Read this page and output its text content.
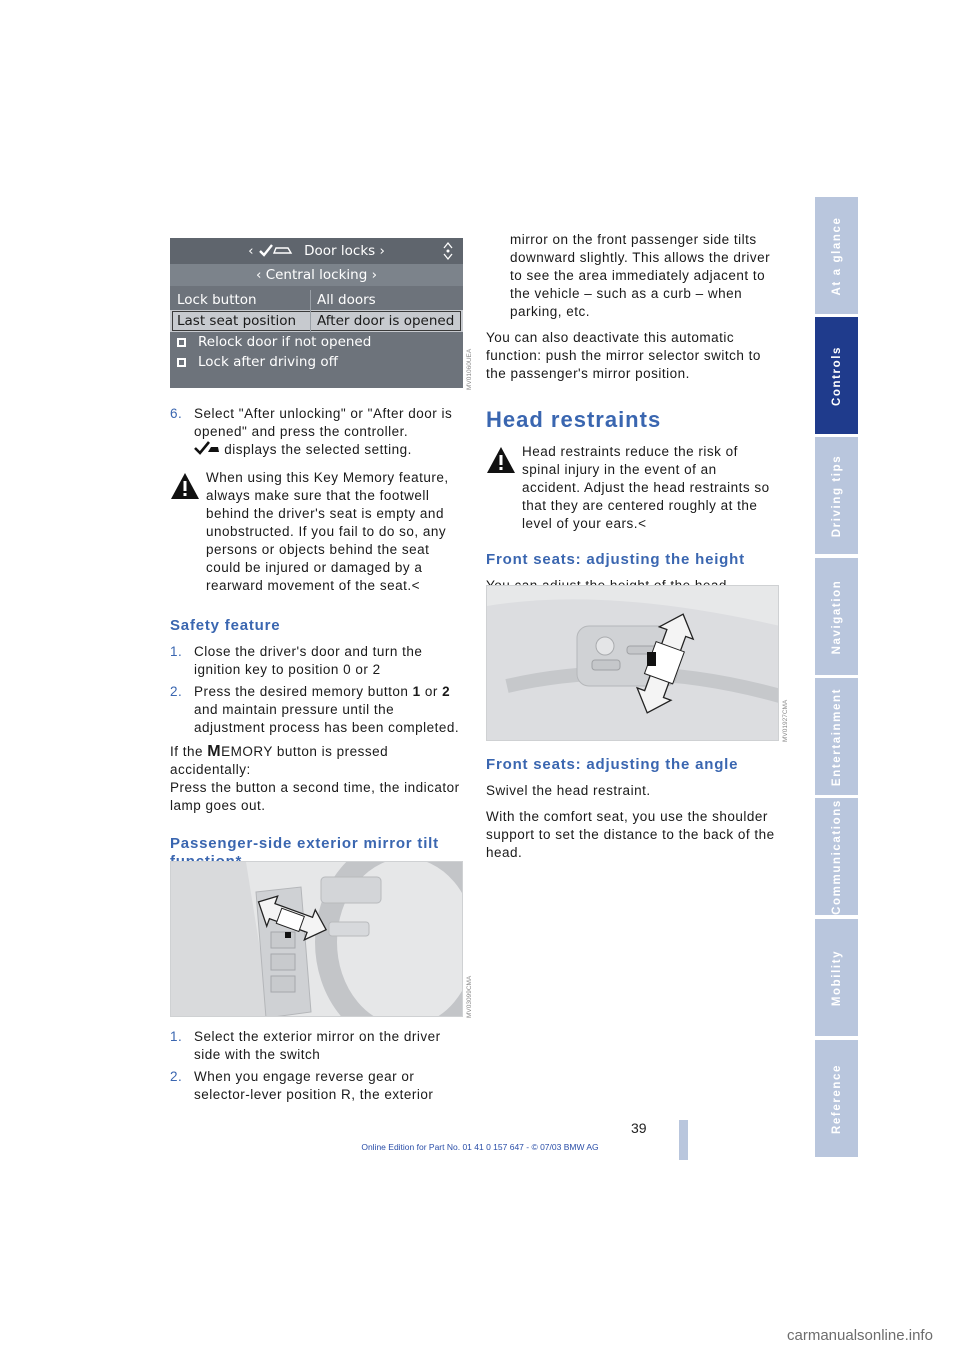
‹	Door locks ›
‹ Central locking ›
Lock button	All doors
Last seat position	After door is opened
Relock door if not opened
Lock after driving off	MV01060UEA
6. Select "After unlocking" or "After door is opened" and press the controller.
displays the selected setting.
When using this Key Memory feature, always make sure that the footwell behind the driver's seat is empty and unobstructed. If you fail to do so, any persons or objects behind the seat could be injured or damaged by a rearward movement of the seat.<
Safety feature
1. Close the driver's door and turn the ignition key to position 0 or 2
2. Press the desired memory button 1 or 2 and maintain pressure until the adjustment process has been completed.

If the MEMORY button is pressed accidentally:
Press the button a second time, the indicator lamp goes out.

Passenger-side exterior mirror tilt

MV03099CMA
1. Select the exterior mirror on the driver side with the switch
2. When you engage reverse gear or selector-lever position R, the exterior

mirror on the front passenger side tilts downward slightly. This allows the driver to see the area immediately adjacent to the vehicle – such as a curb – when parking, etc.

You can also deactivate this automatic function: push the mirror selector switch to the passenger's mirror position.

Head restraints
Head restraints reduce the risk of spinal injury in the event of an accident. Adjust the head restraints so that they are centered roughly at the level of your ears.<
Front seats: adjusting the height

MV01927CMA
Front seats: adjusting the angle

Swivel the head restraint.

With the comfort seat, you use the shoulder support to set the distance to the back of the head.

At a glance
Controls
Driving tips
Navigation
Entertainment
Communications
Mobility
Reference
39
Online Edition for Part No. 01 41 0 157 647 - © 07/03 BMW AG
carmanualsonline.info
